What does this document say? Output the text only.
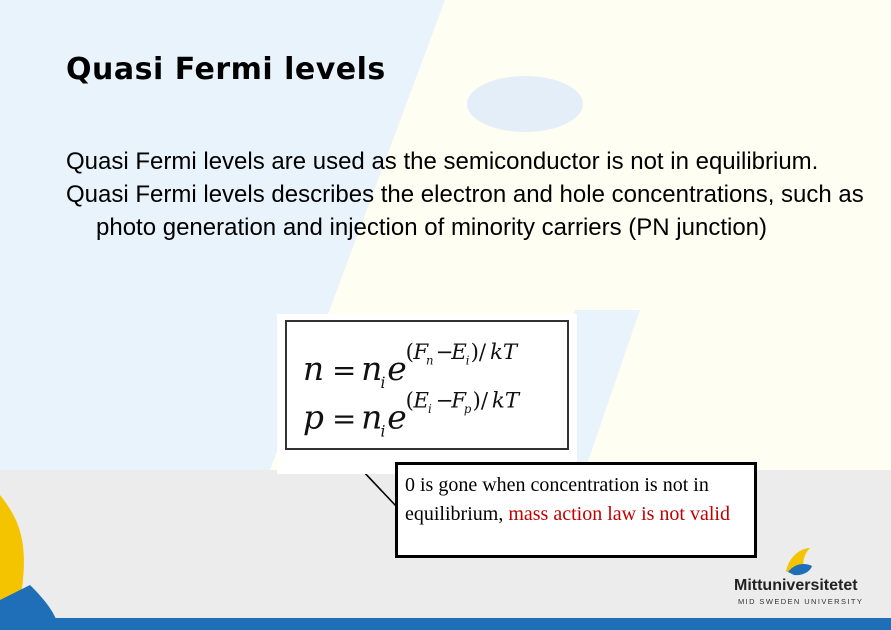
Quasi Fermi levels
Quasi Fermi levels are used as the semiconductor is not in equilibrium.
Quasi Fermi levels describes the electron and hole concentrations, such as photo generation and injection of minority carriers (PN junction)
n = n
i e
( F
n −
E
i )/ kT
p = n
i e
( E
i −
F
p )/ kT
0 is gone when concentration is not in equilibrium, mass action law is not valid
Mittuniversitetet
MID SWEDEN UNIVERSITY
